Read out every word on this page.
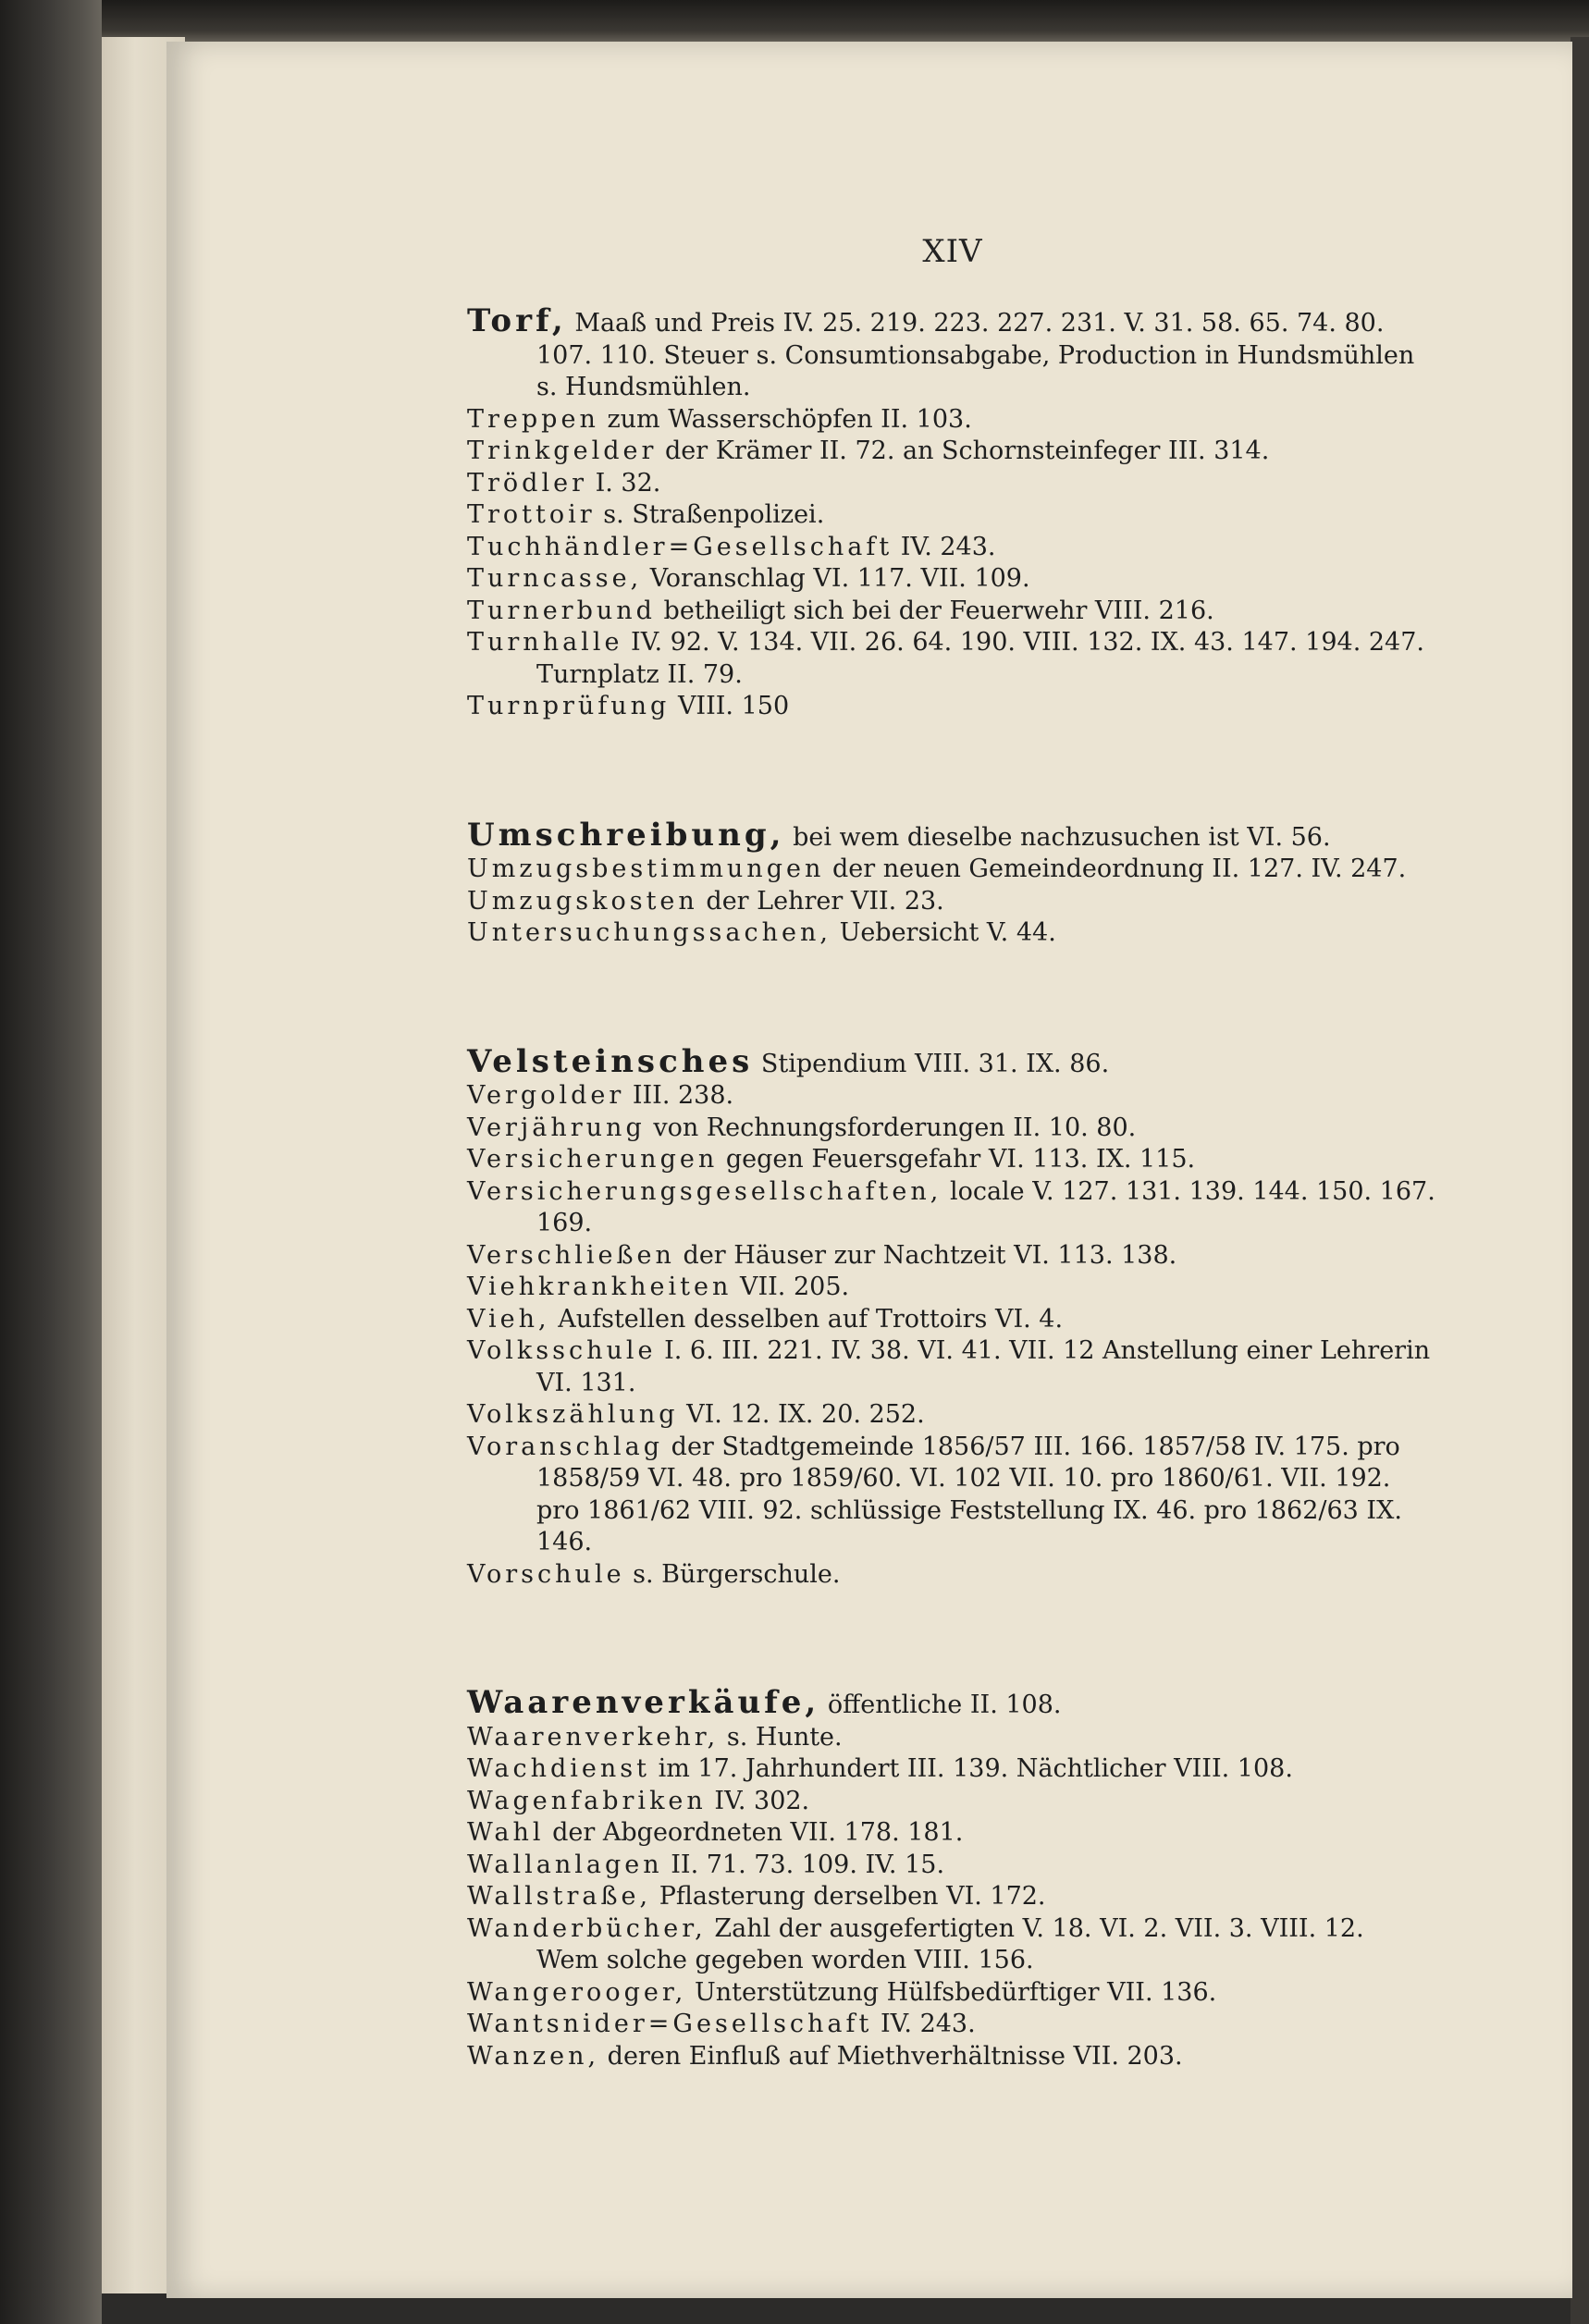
XIV

Torf, Maaß und Preis IV. 25. 219. 223. 227. 231. V. 31. 58. 65. 74. 80. 107. 110. Steuer s. Consumtionsabgabe, Production in Hundsmühlen s. Hundsmühlen.

Treppen zum Wasserschöpfen II. 103.

Trinkgelder der Krämer II. 72. an Schornsteinfeger III. 314.

Trödler I. 32.

Trottoir s. Straßenpolizei.

Tuchhändler=Gesellschaft IV. 243.

Turncasse, Voranschlag VI. 117. VII. 109.

Turnerbund betheiligt sich bei der Feuerwehr VIII. 216.

Turnhalle IV. 92. V. 134. VII. 26. 64. 190. VIII. 132. IX. 43. 147. 194. 247. Turnplatz II. 79.

Turnprüfung VIII. 150

Umschreibung, bei wem dieselbe nachzusuchen ist VI. 56.

Umzugsbestimmungen der neuen Gemeindeordnung II. 127. IV. 247.

Umzugskosten der Lehrer VII. 23.

Untersuchungssachen, Uebersicht V. 44.

Velsteinsches Stipendium VIII. 31. IX. 86.

Vergolder III. 238.

Verjährung von Rechnungsforderungen II. 10. 80.

Versicherungen gegen Feuersgefahr VI. 113. IX. 115.

Versicherungsgesellschaften, locale V. 127. 131. 139. 144. 150. 167. 169.

Verschließen der Häuser zur Nachtzeit VI. 113. 138.

Viehkrankheiten VII. 205.

Vieh, Aufstellen desselben auf Trottoirs VI. 4.

Volksschule I. 6. III. 221. IV. 38. VI. 41. VII. 12 Anstellung einer Lehrerin VI. 131.

Volkszählung VI. 12. IX. 20. 252.

Voranschlag der Stadtgemeinde 1856/57 III. 166. 1857/58 IV. 175. pro 1858/59 VI. 48. pro 1859/60. VI. 102 VII. 10. pro 1860/61. VII. 192. pro 1861/62 VIII. 92. schlüssige Feststellung IX. 46. pro 1862/63 IX. 146.

Vorschule s. Bürgerschule.

Waarenverkäufe, öffentliche II. 108.

Waarenverkehr, s. Hunte.

Wachdienst im 17. Jahrhundert III. 139. Nächtlicher VIII. 108.

Wagenfabriken IV. 302.

Wahl der Abgeordneten VII. 178. 181.

Wallanlagen II. 71. 73. 109. IV. 15.

Wallstraße, Pflasterung derselben VI. 172.

Wanderbücher, Zahl der ausgefertigten V. 18. VI. 2. VII. 3. VIII. 12.

Wem solche gegeben worden VIII. 156.

Wangerooger, Unterstützung Hülfsbedürftiger VII. 136.

Wantsnider=Gesellschaft IV. 243.

Wanzen, deren Einfluß auf Miethverhältnisse VII. 203.
